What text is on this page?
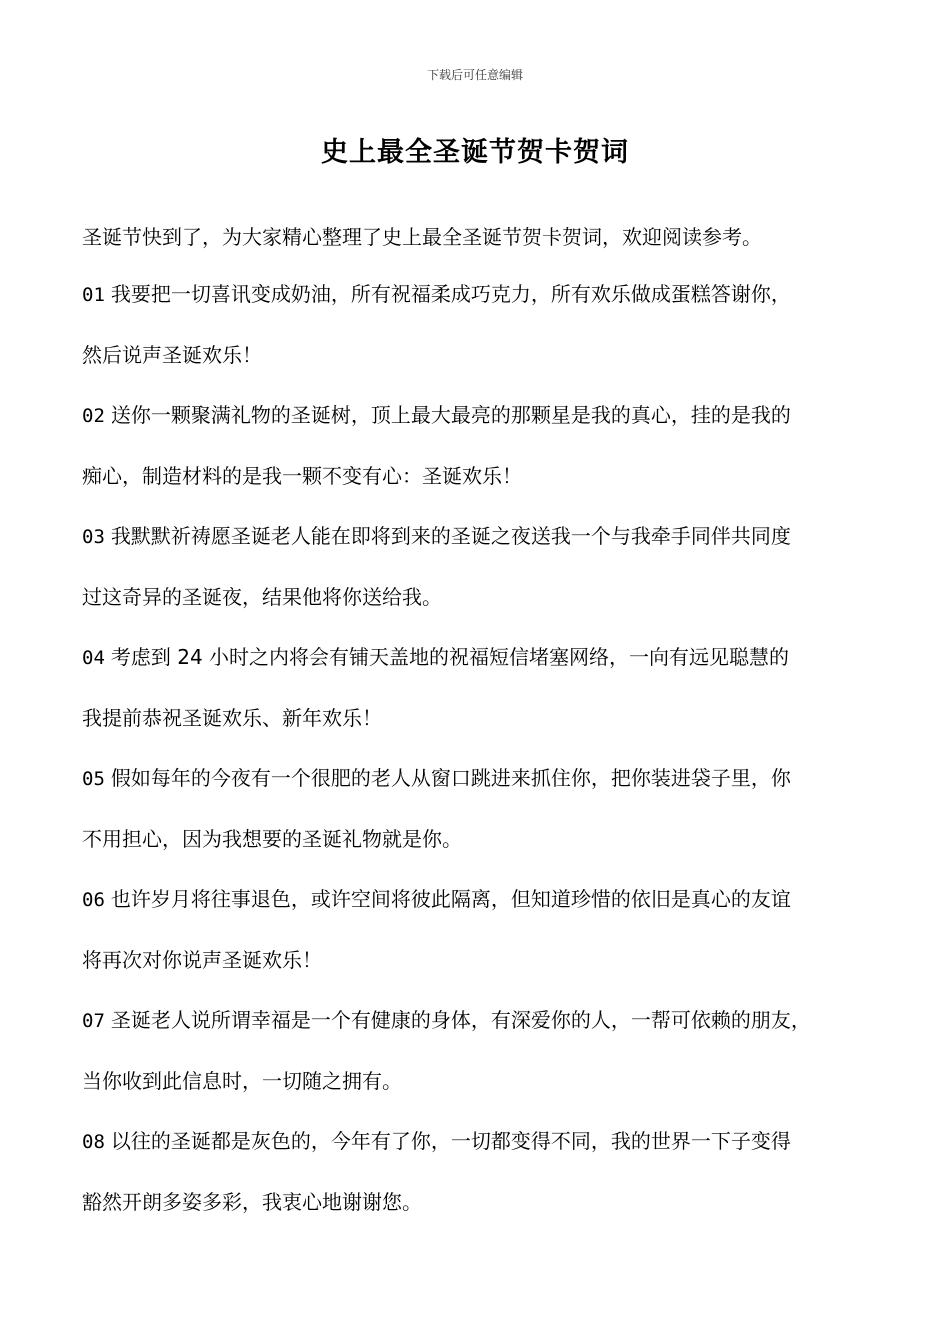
下载后可任意编辑
史上最全圣诞节贺卡贺词

圣诞节快到了，为大家精心整理了史上最全圣诞节贺卡贺词，欢迎阅读参考。

01 我要把一切喜讯变成奶油，所有祝福柔成巧克力，所有欢乐做成蛋糕答谢你，
然后说声圣诞欢乐！

02 送你一颗聚满礼物的圣诞树，顶上最大最亮的那颗星是我的真心，挂的是我的
痴心，制造材料的是我一颗不变有心：圣诞欢乐！

03 我默默祈祷愿圣诞老人能在即将到来的圣诞之夜送我一个与我牵手同伴共同度
过这奇异的圣诞夜，结果他将你送给我。

04 考虑到 24 小时之内将会有铺天盖地的祝福短信堵塞网络，一向有远见聪慧的
我提前恭祝圣诞欢乐、新年欢乐！

05 假如每年的今夜有一个很肥的老人从窗口跳进来抓住你，把你装进袋子里，你
不用担心，因为我想要的圣诞礼物就是你。

06 也许岁月将往事退色，或许空间将彼此隔离，但知道珍惜的依旧是真心的友谊
将再次对你说声圣诞欢乐！

07 圣诞老人说所谓幸福是一个有健康的身体，有深爱你的人，一帮可依赖的朋友，
当你收到此信息时，一切随之拥有。

08 以往的圣诞都是灰色的，今年有了你，一切都变得不同，我的世界一下子变得
豁然开朗多姿多彩，我衷心地谢谢您。
